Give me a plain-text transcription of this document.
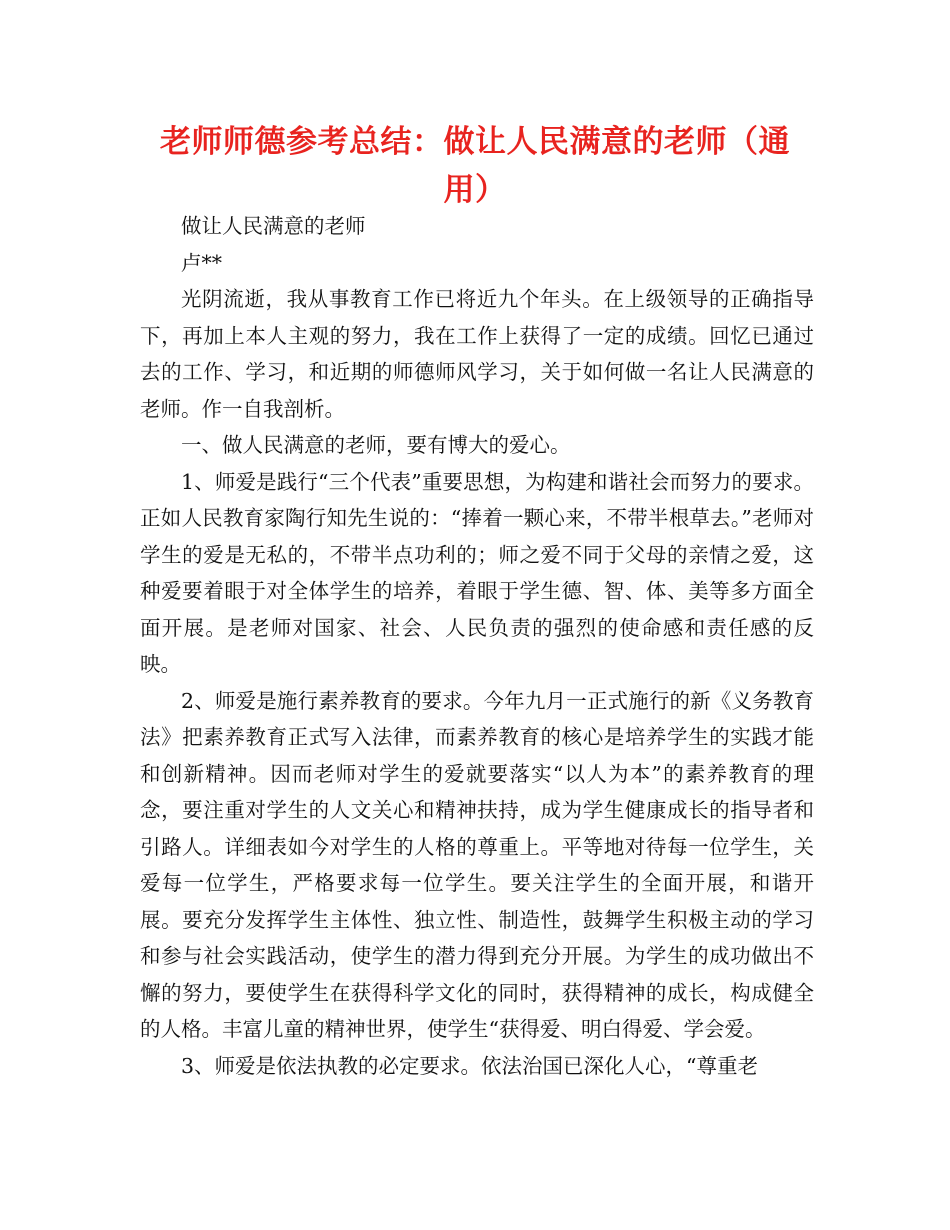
老师师德参考总结：做让人民满意的老师（通用）

做让人民满意的老师

卢**

光阴流逝，我从事教育工作已将近九个年头。在上级领导的正确指导下，再加上本人主观的努力，我在工作上获得了一定的成绩。回忆已通过去的工作、学习，和近期的师德师风学习，关于如何做一名让人民满意的老师。作一自我剖析。

一、做人民满意的老师，要有博大的爱心。

1、师爱是践行“三个代表”重要思想，为构建和谐社会而努力的要求。正如人民教育家陶行知先生说的：“捧着一颗心来，不带半根草去。”老师对学生的爱是无私的，不带半点功利的；师之爱不同于父母的亲情之爱，这种爱要着眼于对全体学生的培养，着眼于学生德、智、体、美等多方面全面开展。是老师对国家、社会、人民负责的强烈的使命感和责任感的反映。

2、师爱是施行素养教育的要求。今年九月一正式施行的新《义务教育法》把素养教育正式写入法律，而素养教育的核心是培养学生的实践才能和创新精神。因而老师对学生的爱就要落实“以人为本”的素养教育的理念，要注重对学生的人文关心和精神扶持，成为学生健康成长的指导者和引路人。详细表如今对学生的人格的尊重上。平等地对待每一位学生，关爱每一位学生，严格要求每一位学生。要关注学生的全面开展，和谐开展。要充分发挥学生主体性、独立性、制造性，鼓舞学生积极主动的学习和参与社会实践活动，使学生的潜力得到充分开展。为学生的成功做出不懈的努力，要使学生在获得科学文化的同时，获得精神的成长，构成健全的人格。丰富儿童的精神世界，使学生“获得爱、明白得爱、学会爱。

3、师爱是依法执教的必定要求。依法治国已深化人心，“尊重老
